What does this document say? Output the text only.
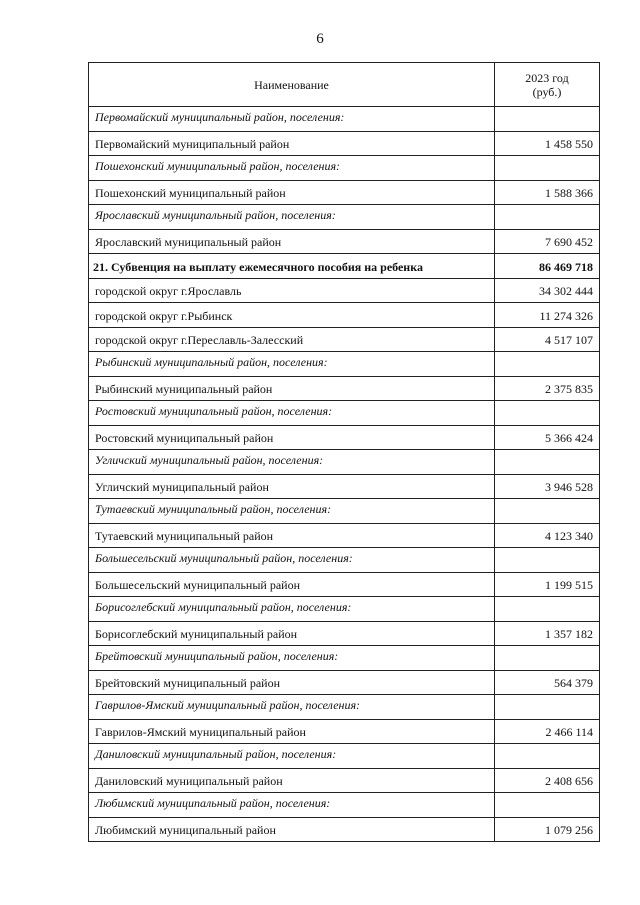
6
Наименование	2023 год
(руб.)

Первомайский муниципальный район, поселения:	
Первомайский муниципальный район	1 458 550
Пошехонский муниципальный район, поселения:	
Пошехонский муниципальный район	1 588 366
Ярославский муниципальный район, поселения:	
Ярославский муниципальный район	7 690 452
21. Субвенция на выплату ежемесячного пособия на ребенка	86 469 718
городской округ г.Ярославль	34 302 444
городской округ г.Рыбинск	11 274 326
городской округ г.Переславль-Залесский	4 517 107
Рыбинский муниципальный район, поселения:	
Рыбинский муниципальный район	2 375 835
Ростовский муниципальный район, поселения:	
Ростовский муниципальный район	5 366 424
Угличский муниципальный район, поселения:	
Угличский муниципальный район	3 946 528
Тутаевский муниципальный район, поселения:	
Тутаевский муниципальный район	4 123 340
Большесельский муниципальный район, поселения:	
Большесельский муниципальный район	1 199 515
Борисоглебский муниципальный район, поселения:	
Борисоглебский муниципальный район	1 357 182
Брейтовский муниципальный район, поселения:	
Брейтовский муниципальный район	564 379
Гаврилов-Ямский муниципальный район, поселения:	
Гаврилов-Ямский муниципальный район	2 466 114
Даниловский муниципальный район, поселения:	
Даниловский муниципальный район	2 408 656
Любимский муниципальный район, поселения:	
Любимский муниципальный район	1 079 256
